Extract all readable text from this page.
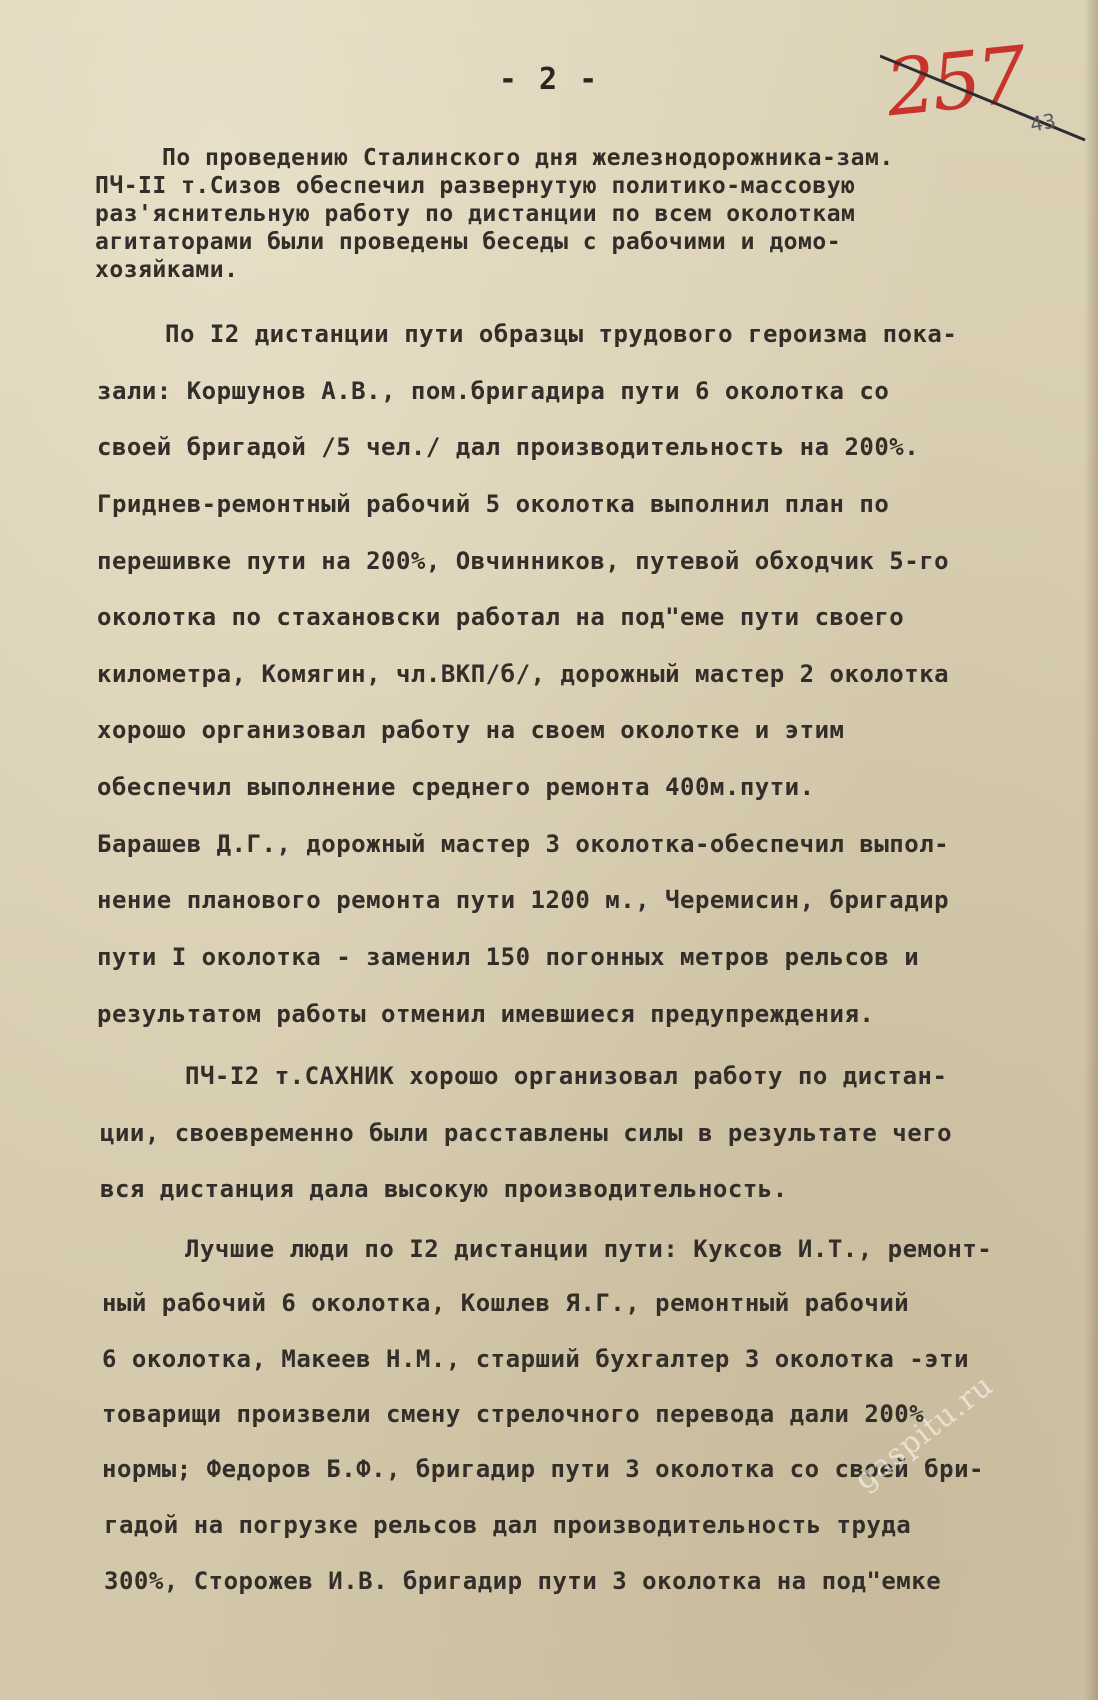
- 2 -	257 43
По проведению Сталинского дня железнодорожника-зам.
ПЧ-II т.Сизов обеспечил развернутую политико-массовую
раз'яснительную работу по дистанции по всем околоткам
агитаторами были проведены беседы с рабочими и домо-
хозяйками.
По I2 дистанции пути образцы трудового героизма пока-
зали: Коршунов А.В., пом.бригадира пути 6 околотка со
своей бригадой /5 чел./ дал производительность на 200%.
Гриднев-ремонтный рабочий 5 околотка выполнил план по
перешивке пути на 200%, Овчинников, путевой обходчик 5-го
околотка по стахановски работал на под"еме пути своего
километра, Комягин, чл.ВКП/б/, дорожный мастер 2 околотка
хорошо организовал работу на своем околотке и этим
обеспечил выполнение среднего ремонта 400м.пути.
Барашев Д.Г., дорожный мастер 3 околотка-обеспечил выпол-
нение планового ремонта пути 1200 м., Черемисин, бригадир
пути I околотка - заменил 150 погонных метров рельсов и
результатом работы отменил имевшиеся предупреждения.
ПЧ-I2 т.САХНИК хорошо организовал работу по дистан-
ции, своевременно были расставлены силы в результате чего
вся дистанция дала высокую производительность.
Лучшие люди по I2 дистанции пути: Куксов И.Т., ремонт-
ный рабочий 6 околотка, Кошлев Я.Г., ремонтный рабочий
6 околотка, Макеев Н.М., старший бухгалтер 3 околотка -эти
товарищи произвели смену стрелочного перевода дали 200%
нормы; Федоров Б.Ф., бригадир пути 3 околотка со своей бри-
гадой на погрузке рельсов дал производительность труда
300%, Сторожев И.В. бригадир пути 3 околотка на под"емке
gaspitu.ru
